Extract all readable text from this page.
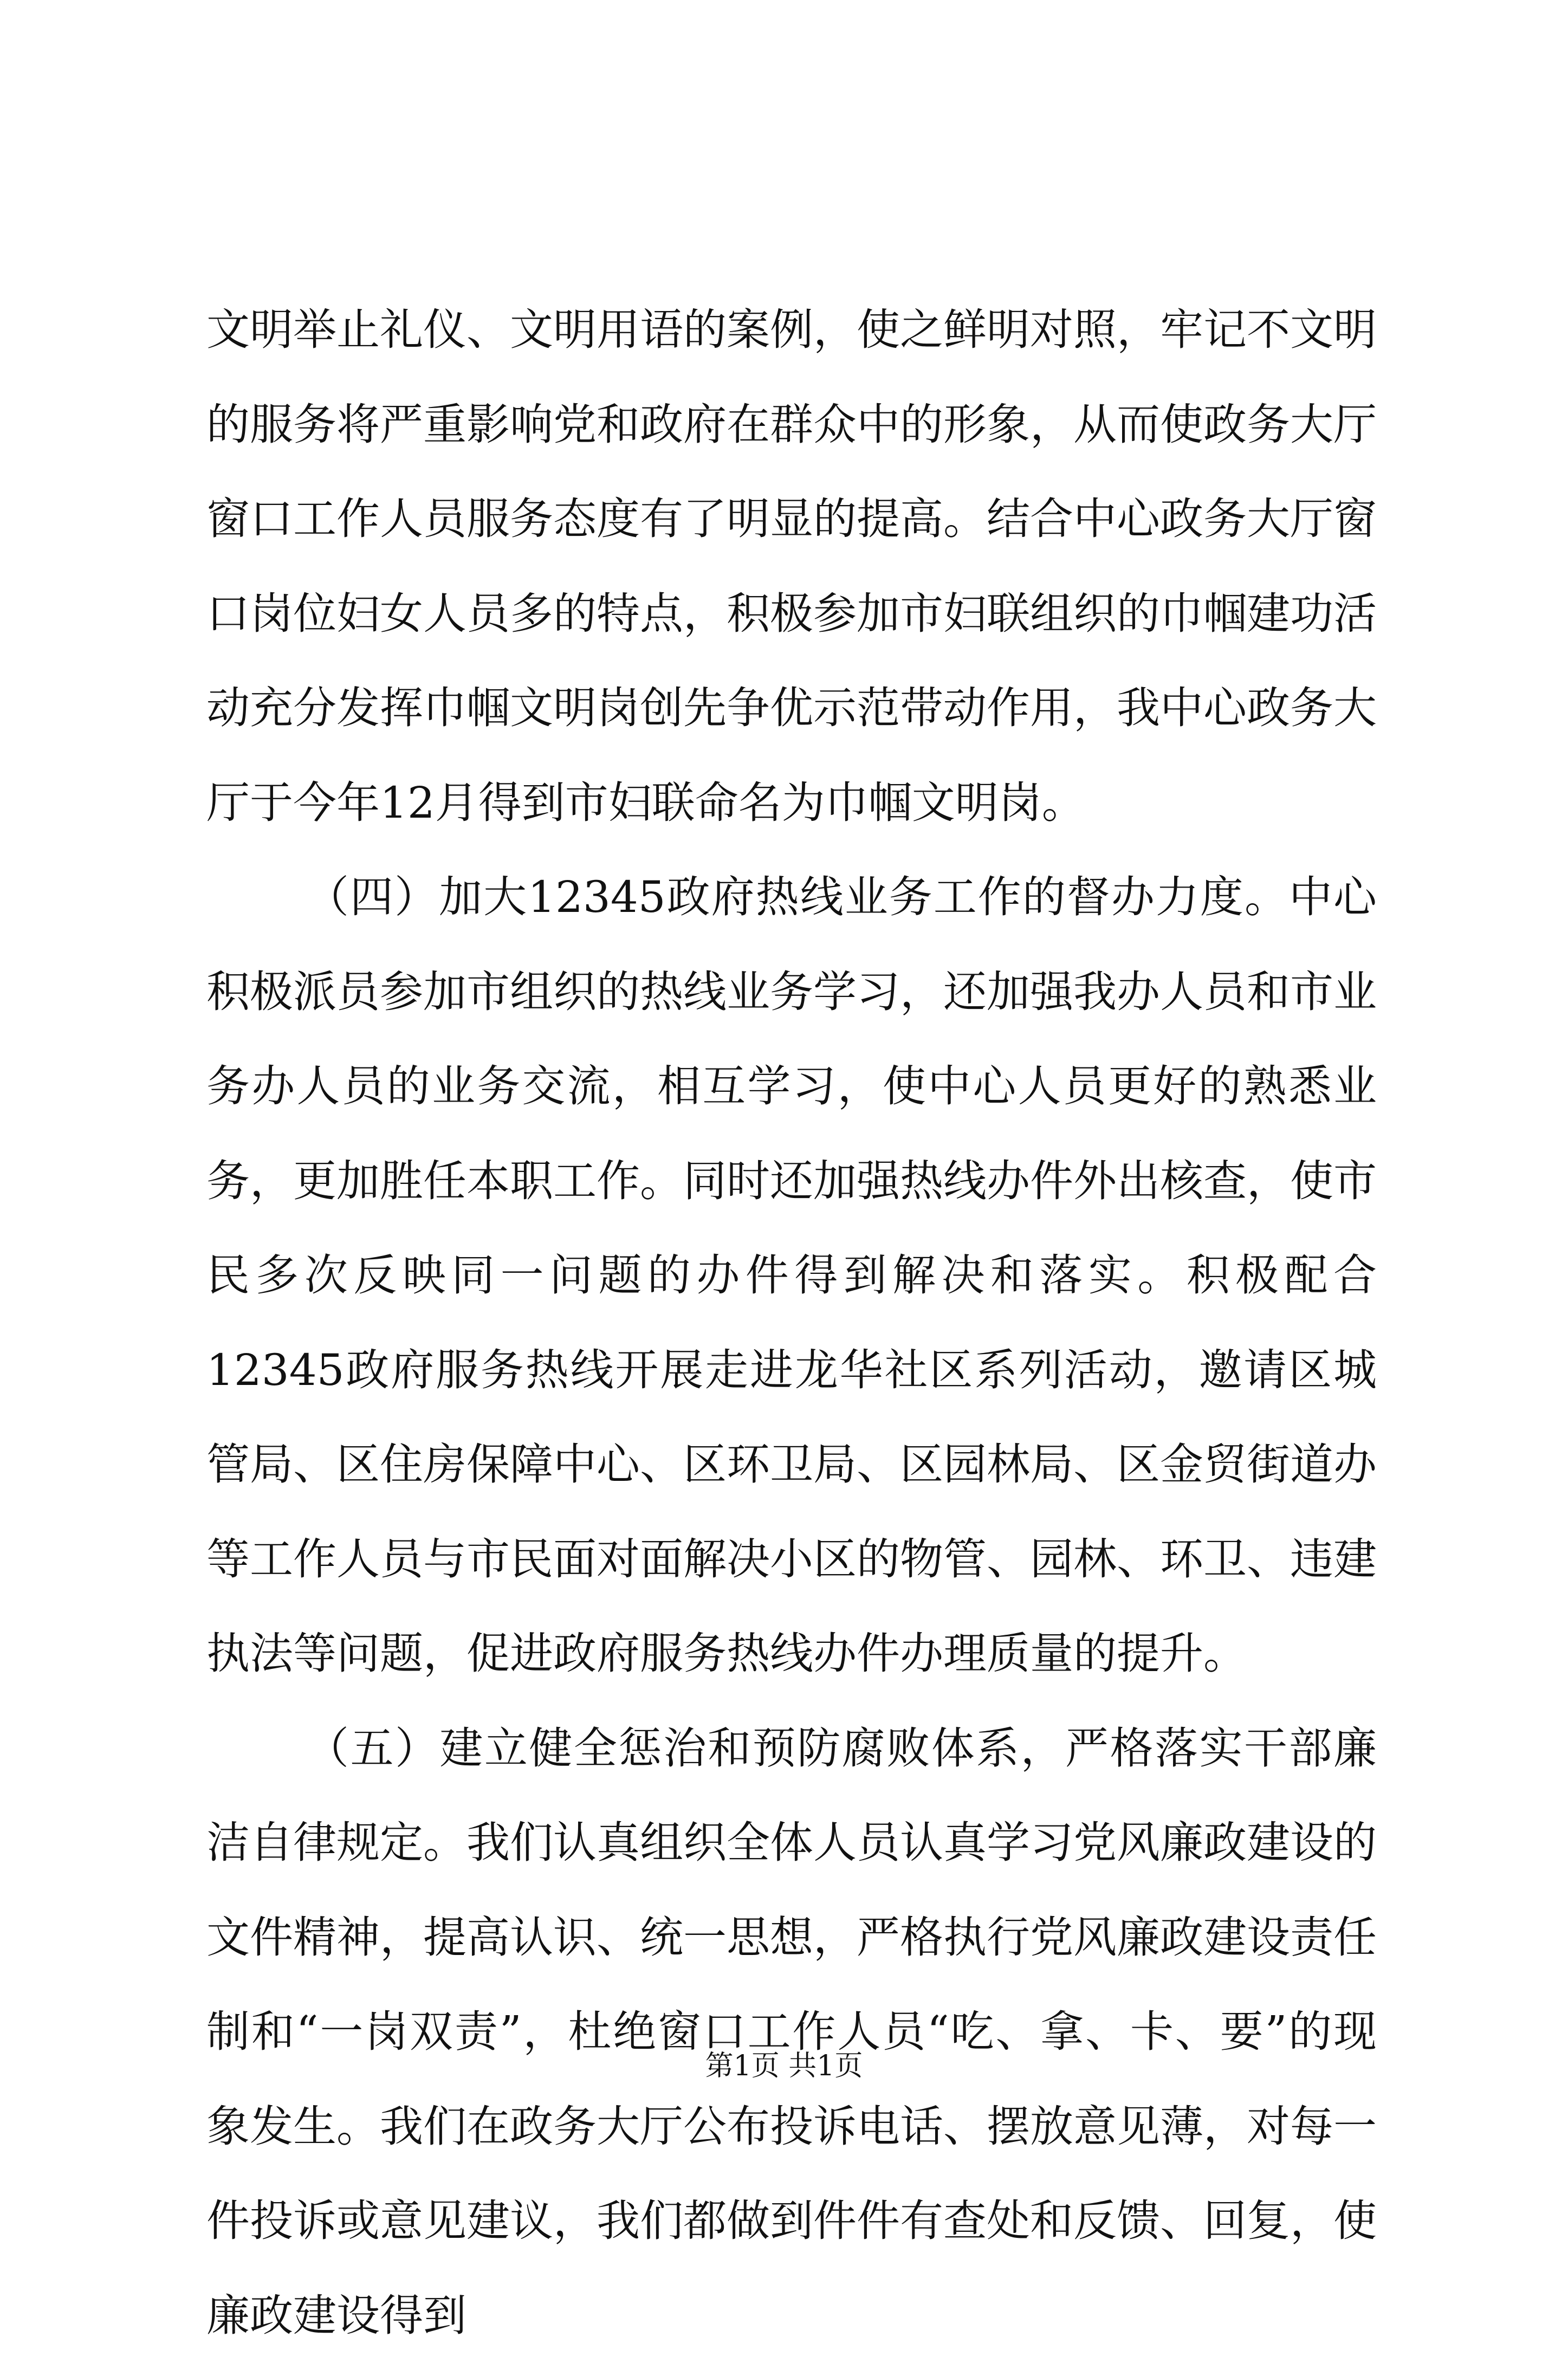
文明举止礼仪、文明用语的案例，使之鲜明对照，牢记不文明的服务将严重影响党和政府在群众中的形象，从而使政务大厅窗口工作人员服务态度有了明显的提高。结合中心政务大厅窗口岗位妇女人员多的特点，积极参加市妇联组织的巾帼建功活动充分发挥巾帼文明岗创先争优示范带动作用，我中心政务大厅于今年12月得到市妇联命名为巾帼文明岗。

（四）加大12345政府热线业务工作的督办力度。中心积极派员参加市组织的热线业务学习，还加强我办人员和市业务办人员的业务交流，相互学习，使中心人员更好的熟悉业务，更加胜任本职工作。同时还加强热线办件外出核查，使市民多次反映同一问题的办件得到解决和落实。积极配合12345政府服务热线开展走进龙华社区系列活动，邀请区城管局、区住房保障中心、区环卫局、区园林局、区金贸街道办等工作人员与市民面对面解决小区的物管、园林、环卫、违建执法等问题，促进政府服务热线办件办理质量的提升。

（五）建立健全惩治和预防腐败体系，严格落实干部廉洁自律规定。我们认真组织全体人员认真学习党风廉政建设的文件精神，提高认识、统一思想，严格执行党风廉政建设责任制和“一岗双责”，杜绝窗口工作人员“吃、拿、卡、要”的现象发生。我们在政务大厅公布投诉电话、摆放意见薄，对每一件投诉或意见建议，我们都做到件件有查处和反馈、回复，使廉政建设得到

第1页 共1页
